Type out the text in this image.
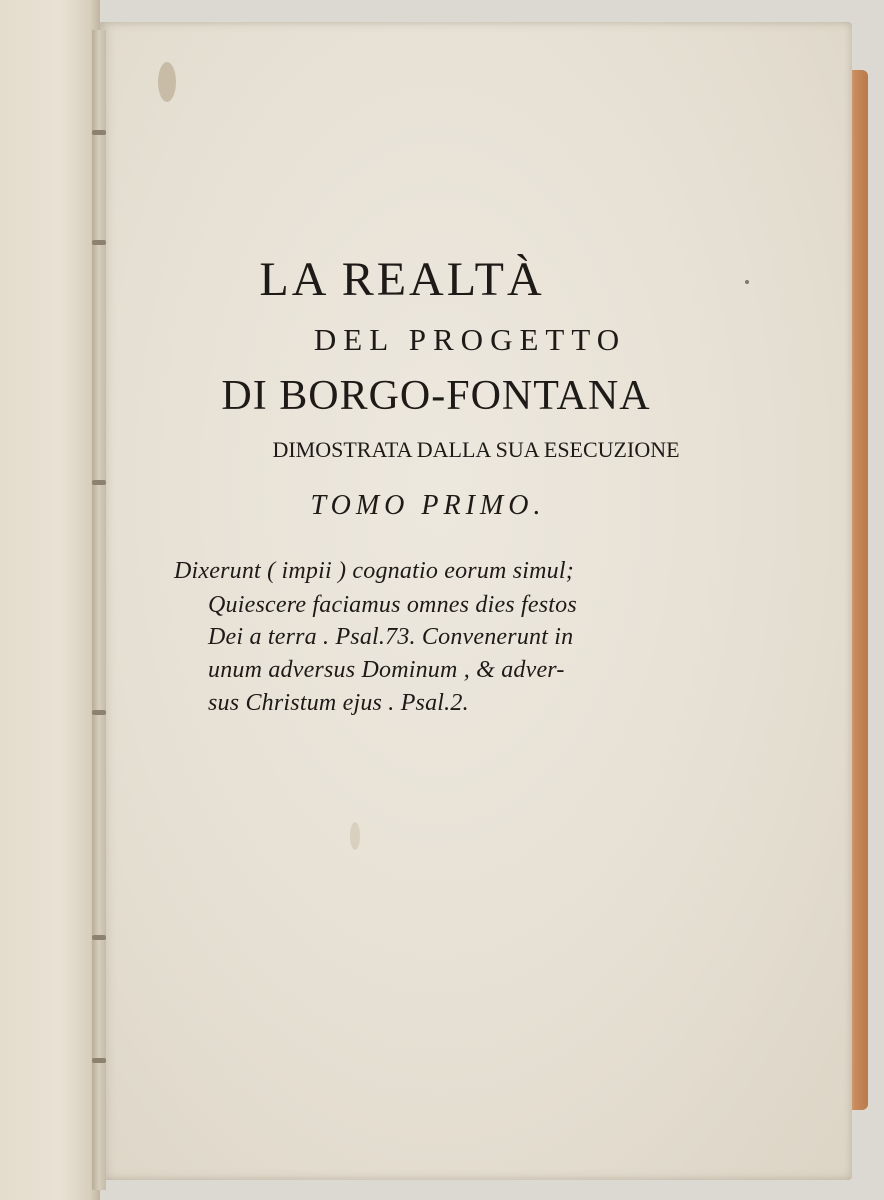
LA REALTÀ

DEL PROGETTO

DI BORGO-FONTANA

DIMOSTRATA DALLA SUA ESECUZIONE

TOMO PRIMO.

Dixerunt ( impii ) cognatio eorum simul;

Quiescere faciamus omnes dies festos

Dei a terra . Psal.73. Convenerunt in

unum adversus Dominum , & adver-

sus Christum ejus . Psal.2.
